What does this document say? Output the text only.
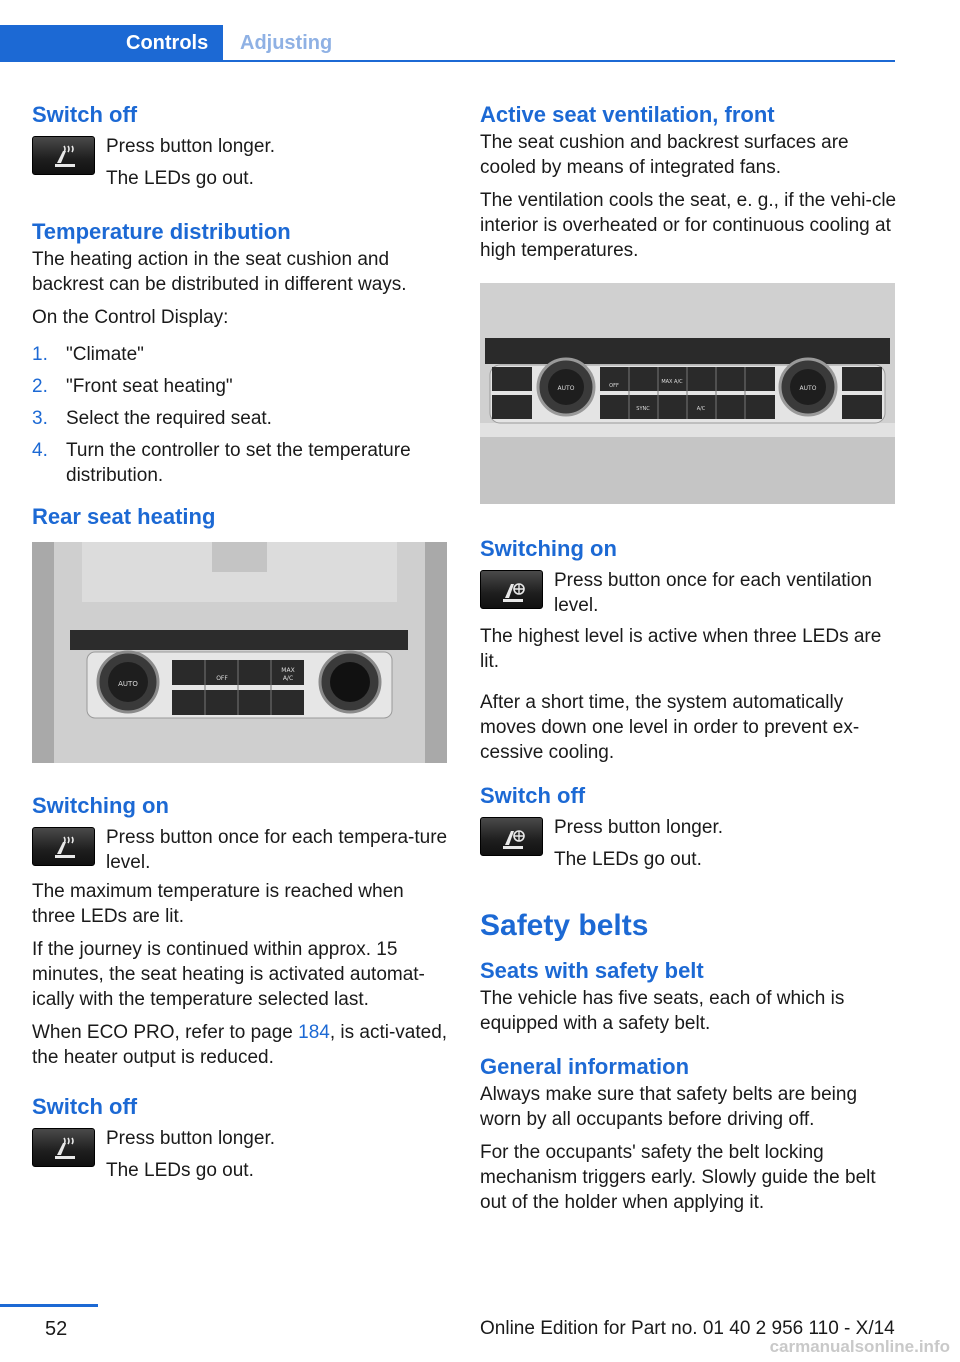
Controls	Adjusting
Switch off

Press button longer.

The LEDs go out.

Temperature distribution

The heating action in the seat cushion and backrest can be distributed in different ways.

On the Control Display:

1. "Climate"
2. "Front seat heating"
3. Select the required seat.
4. Turn the controller to set the temperature distribution.
Rear seat heating
AUTO
OFF
MAX
A/C
Switching on

Press button once for each tempera-ture level.

The maximum temperature is reached when three LEDs are lit.

If the journey is continued within approx. 15 minutes, the seat heating is activated automat-ically with the temperature selected last.

When ECO PRO, refer to page 184, is acti-vated, the heater output is reduced.

Switch off

Press button longer.

The LEDs go out.

Active seat ventilation, front

The seat cushion and backrest surfaces are cooled by means of integrated fans.

The ventilation cools the seat, e. g., if the vehi-cle interior is overheated or for continuous cooling at high temperatures.

AUTO	AUTO
OFF
MAX A/C
SYNC	A/C
Switching on

Press button once for each ventilation level.

The highest level is active when three LEDs are lit.

After a short time, the system automatically moves down one level in order to prevent ex-cessive cooling.

Switch off

Press button longer.

The LEDs go out.

Safety belts
Seats with safety belt

The vehicle has five seats, each of which is equipped with a safety belt.

General information

Always make sure that safety belts are being worn by all occupants before driving off.

For the occupants' safety the belt locking mechanism triggers early. Slowly guide the belt out of the holder when applying it.

52	Online Edition for Part no. 01 40 2 956 110 - X/14
carmanualsonline.info
